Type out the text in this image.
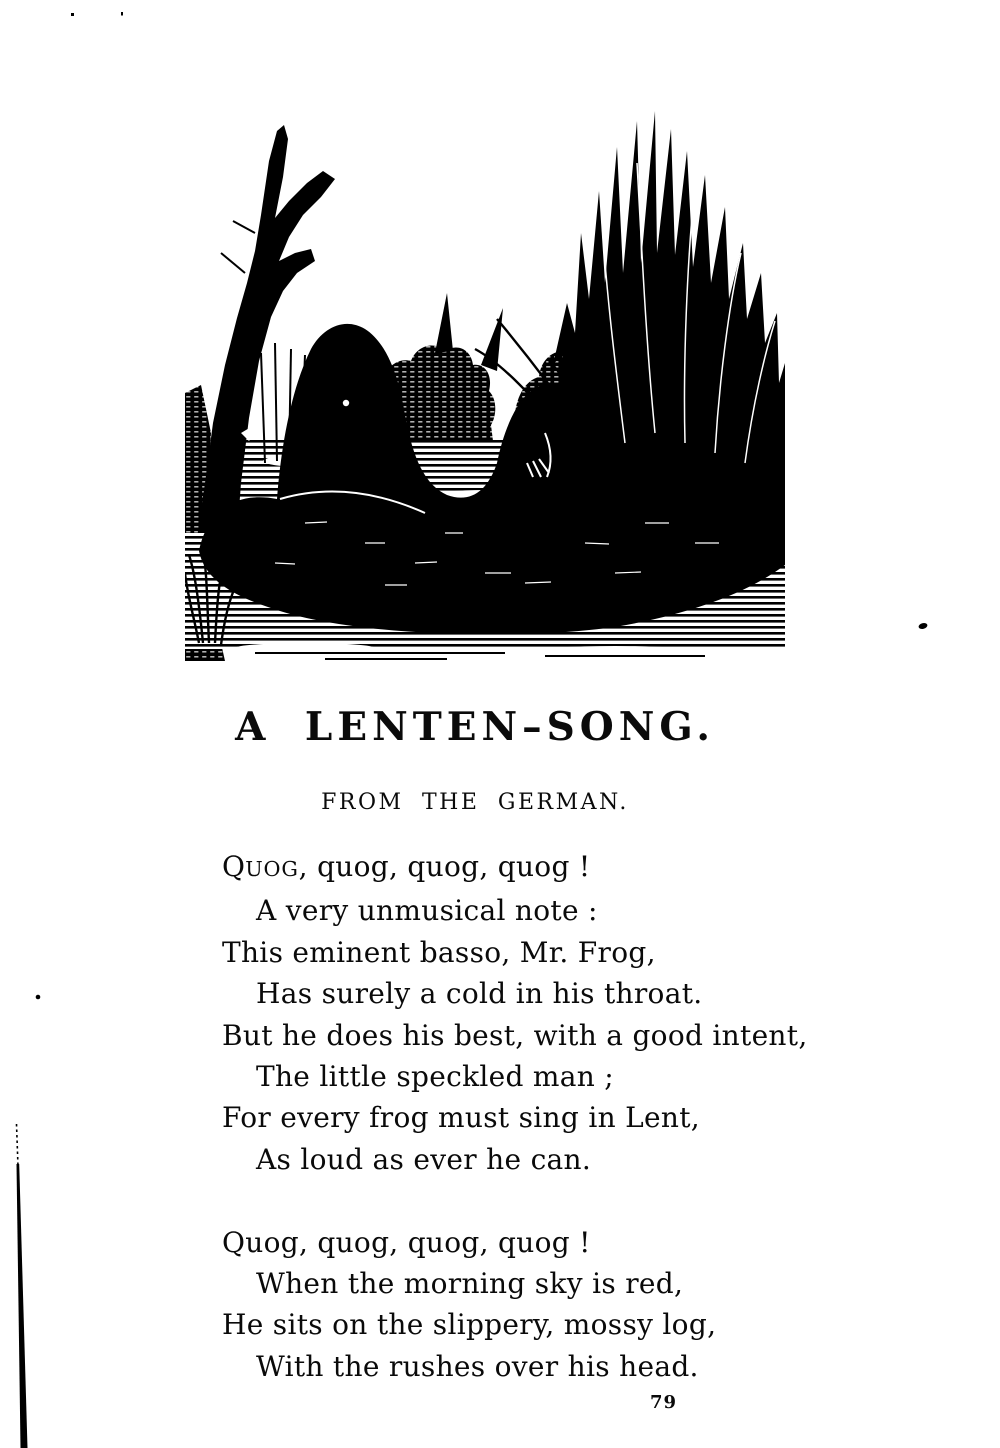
A LENTEN–SONG.
FROM THE GERMAN.
QUOG, quog, quog, quog !
A very unmusical note :
This eminent basso, Mr. Frog,
Has surely a cold in his throat.
But he does his best, with a good intent,
The little speckled man ;
For every frog must sing in Lent,
As loud as ever he can.
Quog, quog, quog, quog !
When the morning sky is red,
He sits on the slippery, mossy log,
With the rushes over his head.
79
